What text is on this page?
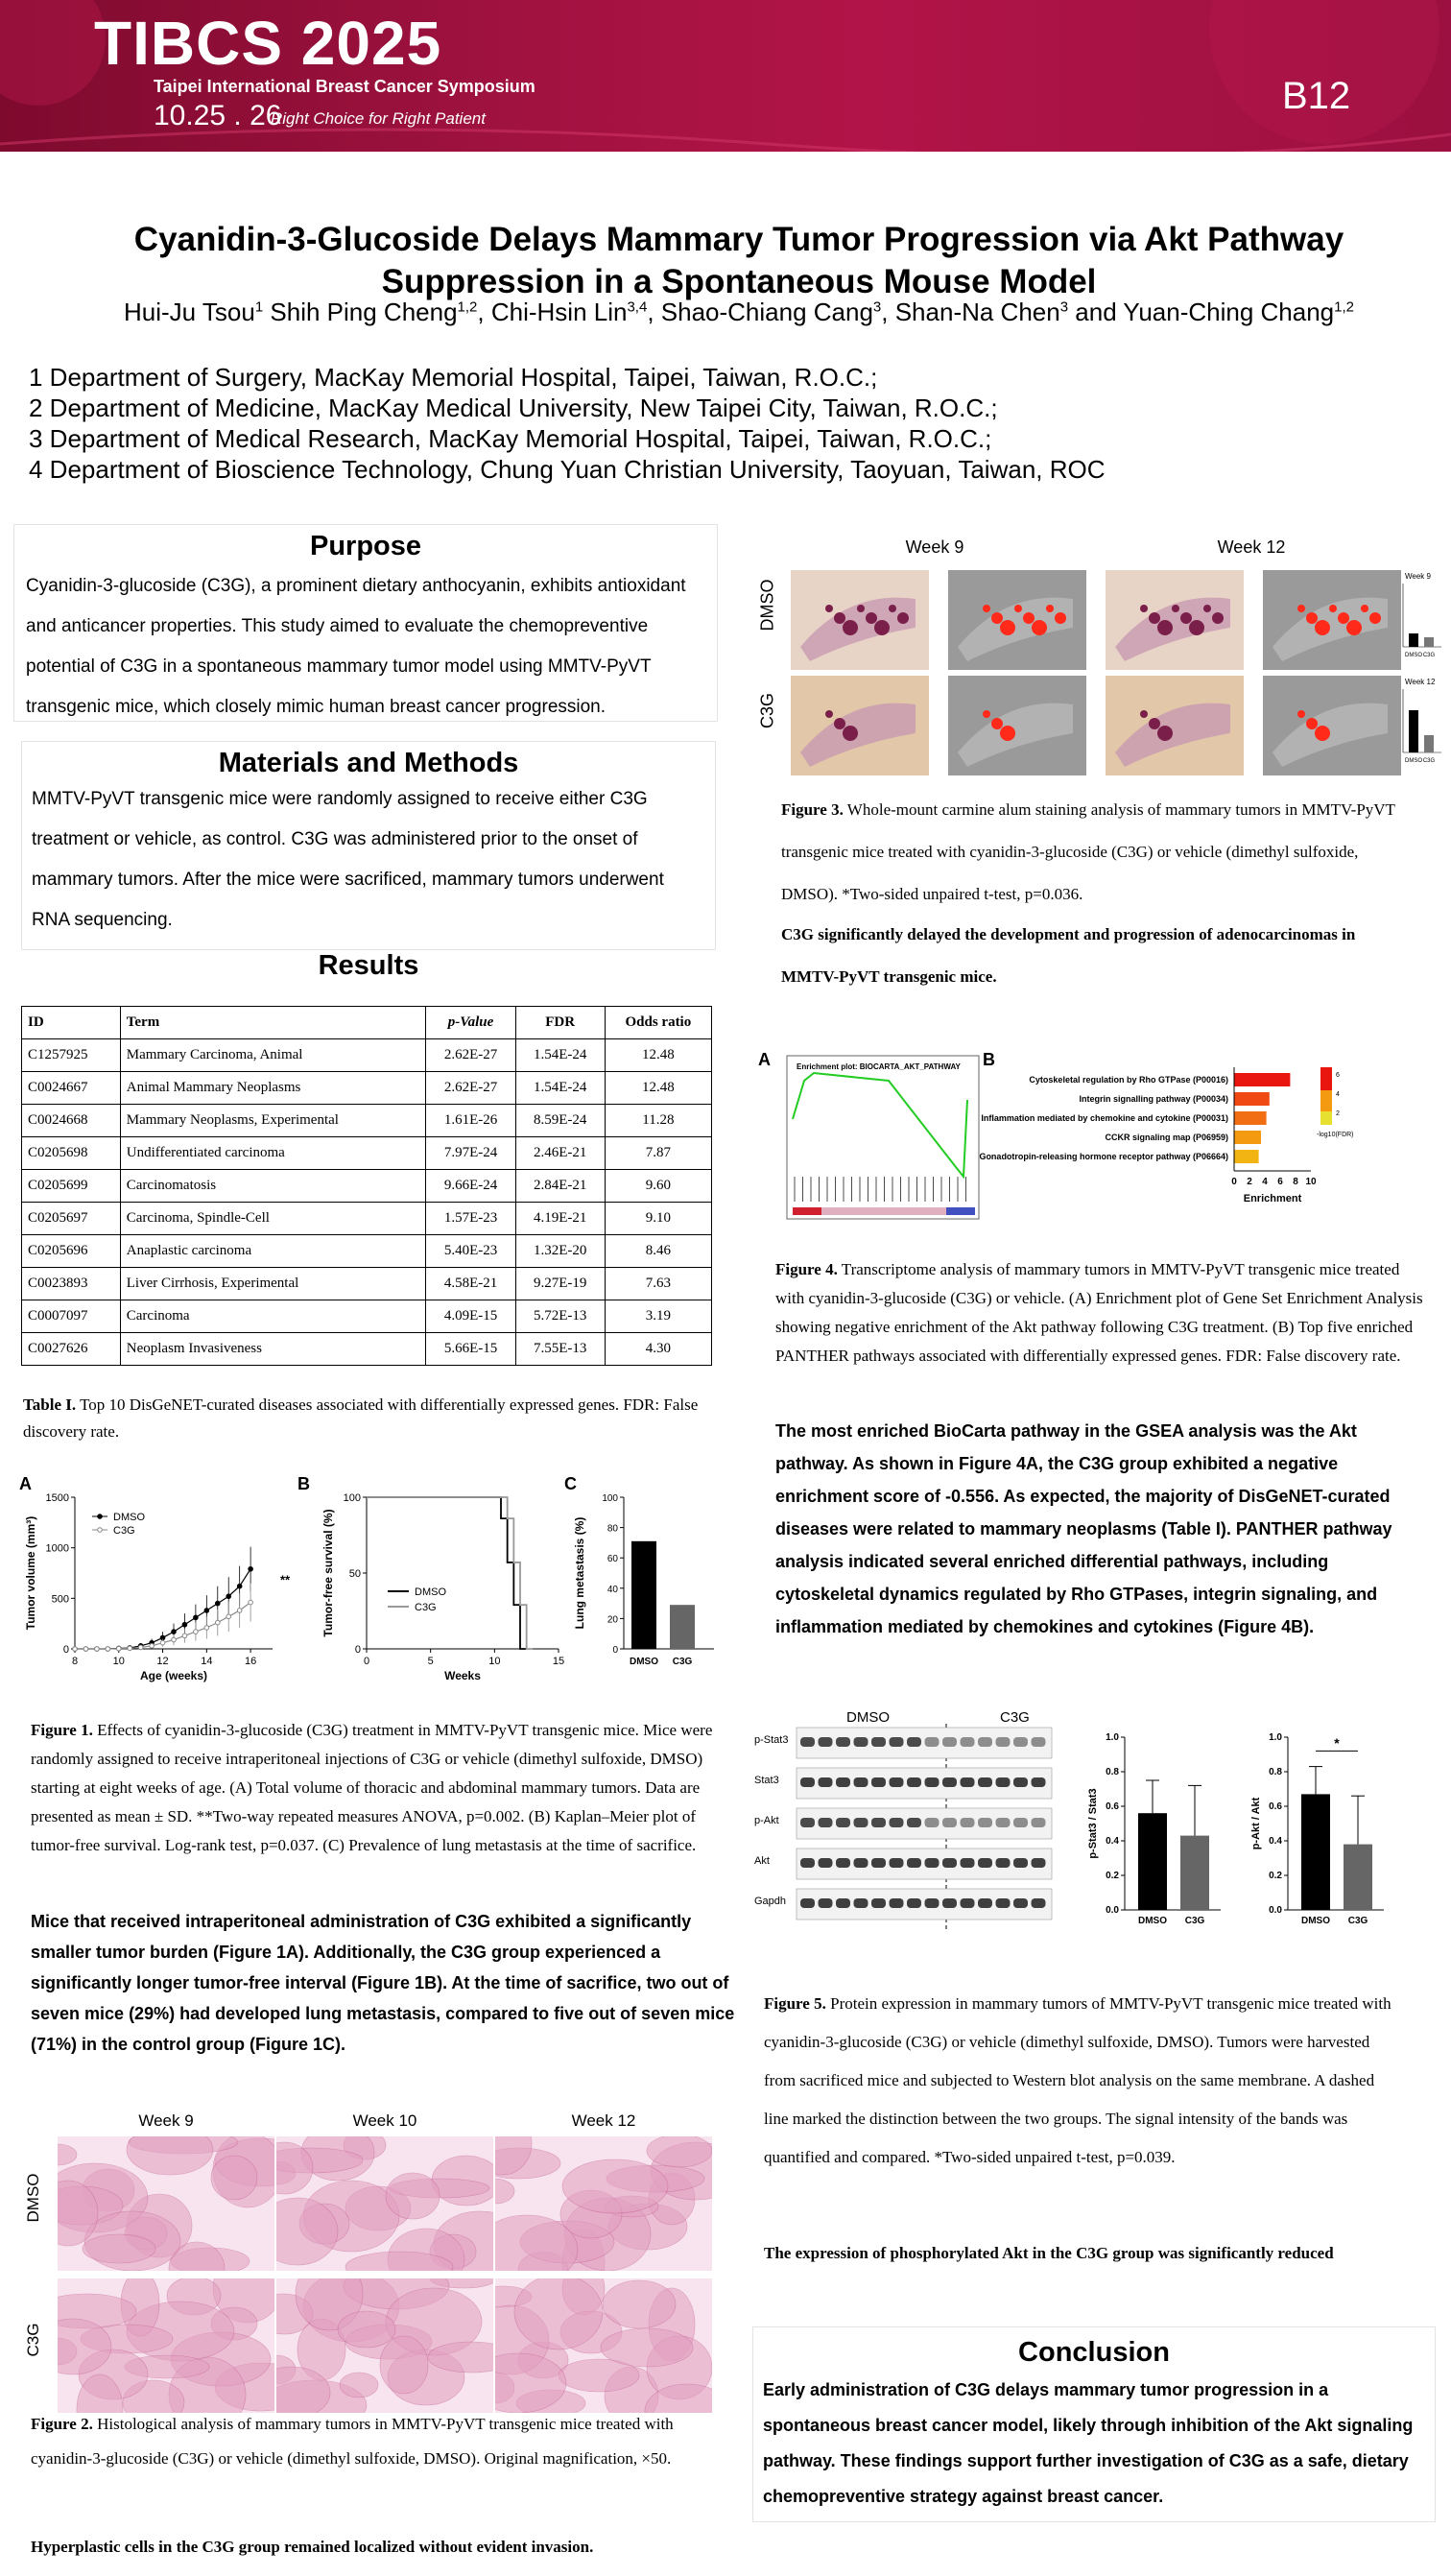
TIBCS 2025
Taipei International Breast Cancer Symposium
10.25 . 26
Right Choice for Right Patient
B12
Cyanidin-3-Glucoside Delays Mammary Tumor Progression via Akt Pathway Suppression in a Spontaneous Mouse Model
Hui-Ju Tsou$^1$ Shih Ping Cheng$^{1,2}$, Chi-Hsin Lin$^{3,4}$, Shao-Chiang Cang$^3$, Shan-Na Chen$^3$ and Yuan-Ching Chang$^{1,2}$
1 Department of Surgery, MacKay Memorial Hospital, Taipei, Taiwan, R.O.C.;
2 Department of Medicine, MacKay Medical University, New Taipei City, Taiwan, R.O.C.;
3 Department of Medical Research, MacKay Memorial Hospital, Taipei, Taiwan, R.O.C.;
4 Department of Bioscience Technology, Chung Yuan Christian University, Taoyuan, Taiwan, ROC
Purpose
Cyanidin-3-glucoside (C3G), a prominent dietary anthocyanin, exhibits antioxidant and anticancer properties. This study aimed to evaluate the chemopreventive potential of C3G in a spontaneous mammary tumor model using MMTV-PyVT transgenic mice, which closely mimic human breast cancer progression.
Materials and Methods
MMTV-PyVT transgenic mice were randomly assigned to receive either C3G treatment or vehicle, as control. C3G was administered prior to the onset of mammary tumors. After the mice were sacrificed, mammary tumors underwent RNA sequencing.
Results
ID	Term	p-Value	FDR	Odds ratio
C1257925	Mammary Carcinoma, Animal	2.62E-27	1.54E-24	12.48
C0024667	Animal Mammary Neoplasms	2.62E-27	1.54E-24	12.48
C0024668	Mammary Neoplasms, Experimental	1.61E-26	8.59E-24	11.28
C0205698	Undifferentiated carcinoma	7.97E-24	2.46E-21	7.87
C0205699	Carcinomatosis	9.66E-24	2.84E-21	9.60
C0205697	Carcinoma, Spindle-Cell	1.57E-23	4.19E-21	9.10
C0205696	Anaplastic carcinoma	5.40E-23	1.32E-20	8.46
C0023893	Liver Cirrhosis, Experimental	4.58E-21	9.27E-19	7.63
C0007097	Carcinoma	4.09E-15	5.72E-13	3.19
C0027626	Neoplasm Invasiveness	5.66E-15	7.55E-13	4.30
Table I. Top 10 DisGeNET-curated diseases associated with differentially expressed genes. FDR: False discovery rate.
A
8	10	12	14	16
0
500
1000
1500
Age (weeks)
Tumor volume (mm³)	DMSO
C3G
**
B
0	5	10	15
0
50
100
Weeks
Tumor-free survival (%)	DMSO
C3G
C
0
20
40
60
80
100
Lung metastasis (%)
DMSO C3G
Figure 1. Effects of cyanidin-3-glucoside (C3G) treatment in MMTV-PyVT transgenic mice. Mice were randomly assigned to receive intraperitoneal injections of C3G or vehicle (dimethyl sulfoxide, DMSO) starting at eight weeks of age. (A) Total volume of thoracic and abdominal mammary tumors. Data are presented as mean ± SD. **Two-way repeated measures ANOVA, p=0.002. (B) Kaplan–Meier plot of tumor-free survival. Log-rank test, p=0.037. (C) Prevalence of lung metastasis at the time of sacrifice.
Mice that received intraperitoneal administration of C3G exhibited a significantly smaller tumor burden (Figure 1A). Additionally, the C3G group experienced a significantly longer tumor-free interval (Figure 1B). At the time of sacrifice, two out of seven mice (29%) had developed lung metastasis, compared to five out of seven mice (71%) in the control group (Figure 1C).
Week 9	Week 10	Week 12
DMSO
C3G
Figure 2. Histological analysis of mammary tumors in MMTV-PyVT transgenic mice treated with cyanidin-3-glucoside (C3G) or vehicle (dimethyl sulfoxide, DMSO). Original magnification, ×50.
Hyperplastic cells in the C3G group remained localized without evident invasion.
Week 9	Week 12
DMSO
Week 9
DMSO C3G
C3G
Week 12
DMSO C3G
Figure 3. Whole-mount carmine alum staining analysis of mammary tumors in MMTV-PyVT transgenic mice treated with cyanidin-3-glucoside (C3G) or vehicle (dimethyl sulfoxide, DMSO). *Two-sided unpaired t-test, p=0.036.
C3G significantly delayed the development and progression of adenocarcinomas in MMTV-PyVT transgenic mice.
A	Enrichment plot: BIOCARTA_AKT_PATHWAY B
Cytoskeletal regulation by Rho GTPase (P00016)
Integrin signalling pathway (P00034)
Inflammation mediated by chemokine and cytokine (P00031)
CCKR signaling map (P06959)
Gonadotropin-releasing hormone receptor pathway (P06664)
0 2 4 6 8 10
Enrichment
6
4
2
-log10(FDR)
Figure 4. Transcriptome analysis of mammary tumors in MMTV-PyVT transgenic mice treated with cyanidin-3-glucoside (C3G) or vehicle. (A) Enrichment plot of Gene Set Enrichment Analysis showing negative enrichment of the Akt pathway following C3G treatment. (B) Top five enriched PANTHER pathways associated with differentially expressed genes. FDR: False discovery rate.
The most enriched BioCarta pathway in the GSEA analysis was the Akt pathway. As shown in Figure 4A, the C3G group exhibited a negative enrichment score of -0.556. As expected, the majority of DisGeNET-curated diseases were related to mammary neoplasms (Table I). PANTHER pathway analysis indicated several enriched differential pathways, including cytoskeletal dynamics regulated by Rho GTPases, integrin signaling, and inflammation mediated by chemokines and cytokines (Figure 4B).
DMSO	C3G
p-Stat3
Stat3
p-Akt
Akt
Gapdh
0.0
0.2
0.4
0.6
0.8
1.0
p-Stat3 / Stat3
DMSO C3G
0.0
0.2
0.4
0.6
0.8
1.0
p-Akt / Akt
DMSO C3G
*
Figure 5. Protein expression in mammary tumors of MMTV-PyVT transgenic mice treated with cyanidin-3-glucoside (C3G) or vehicle (dimethyl sulfoxide, DMSO). Tumors were harvested from sacrificed mice and subjected to Western blot analysis on the same membrane. A dashed line marked the distinction between the two groups. The signal intensity of the bands was quantified and compared. *Two-sided unpaired t-test, p=0.039.
The expression of phosphorylated Akt in the C3G group was significantly reduced
Conclusion
Early administration of C3G delays mammary tumor progression in a spontaneous breast cancer model, likely through inhibition of the Akt signaling pathway. These findings support further investigation of C3G as a safe, dietary chemopreventive strategy against breast cancer.
